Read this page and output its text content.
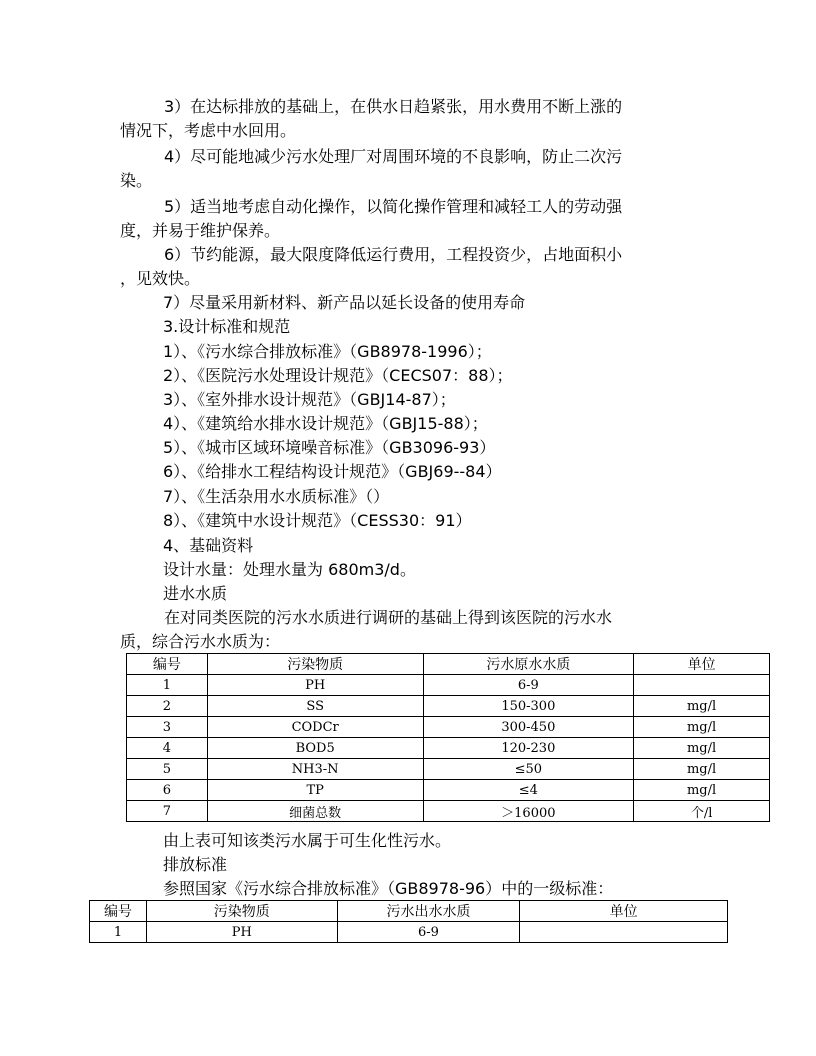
3）在达标排放的基础上，在供水日趋紧张，用水费用不断上涨的
情况下，考虑中水回用。
4）尽可能地减少污水处理厂对周围环境的不良影响，防止二次污
染。
5）适当地考虑自动化操作，以简化操作管理和减轻工人的劳动强
度，并易于维护保养。
6）节约能源，最大限度降低运行费用，工程投资少，占地面积小
，见效快。
7）尽量采用新材料、新产品以延长设备的使用寿命
3.设计标准和规范
1）、《污水综合排放标准》（GB8978-1996）；
2）、《医院污水处理设计规范》（CECS07：88）；
3）、《室外排水设计规范》（GBJ14-87）；
4）、《建筑给水排水设计规范》（GBJ15-88）；
5）、《城市区域环境噪音标准》（GB3096-93）
6）、《给排水工程结构设计规范》（GBJ69--84）
7）、《生活杂用水水质标准》（）
8）、《建筑中水设计规范》（CESS30：91）
4、基础资料
设计水量：处理水量为 680m3/d。
进水水质
在对同类医院的污水水质进行调研的基础上得到该医院的污水水
质，综合污水水质为：
编号	污染物质	污水原水水质	单位
1	PH	6-9	
2	SS	150-300	mg/l
3	CODCr	300-450	mg/l
4	BOD5	120-230	mg/l
5	NH3-N	≤50	mg/l
6	TP	≤4	mg/l
7	细菌总数	＞16000	个/l
由上表可知该类污水属于可生化性污水。
排放标准
参照国家《污水综合排放标准》（GB8978-96）中的一级标准：
编号	污染物质	污水出水水质	单位
1	PH	6-9	
